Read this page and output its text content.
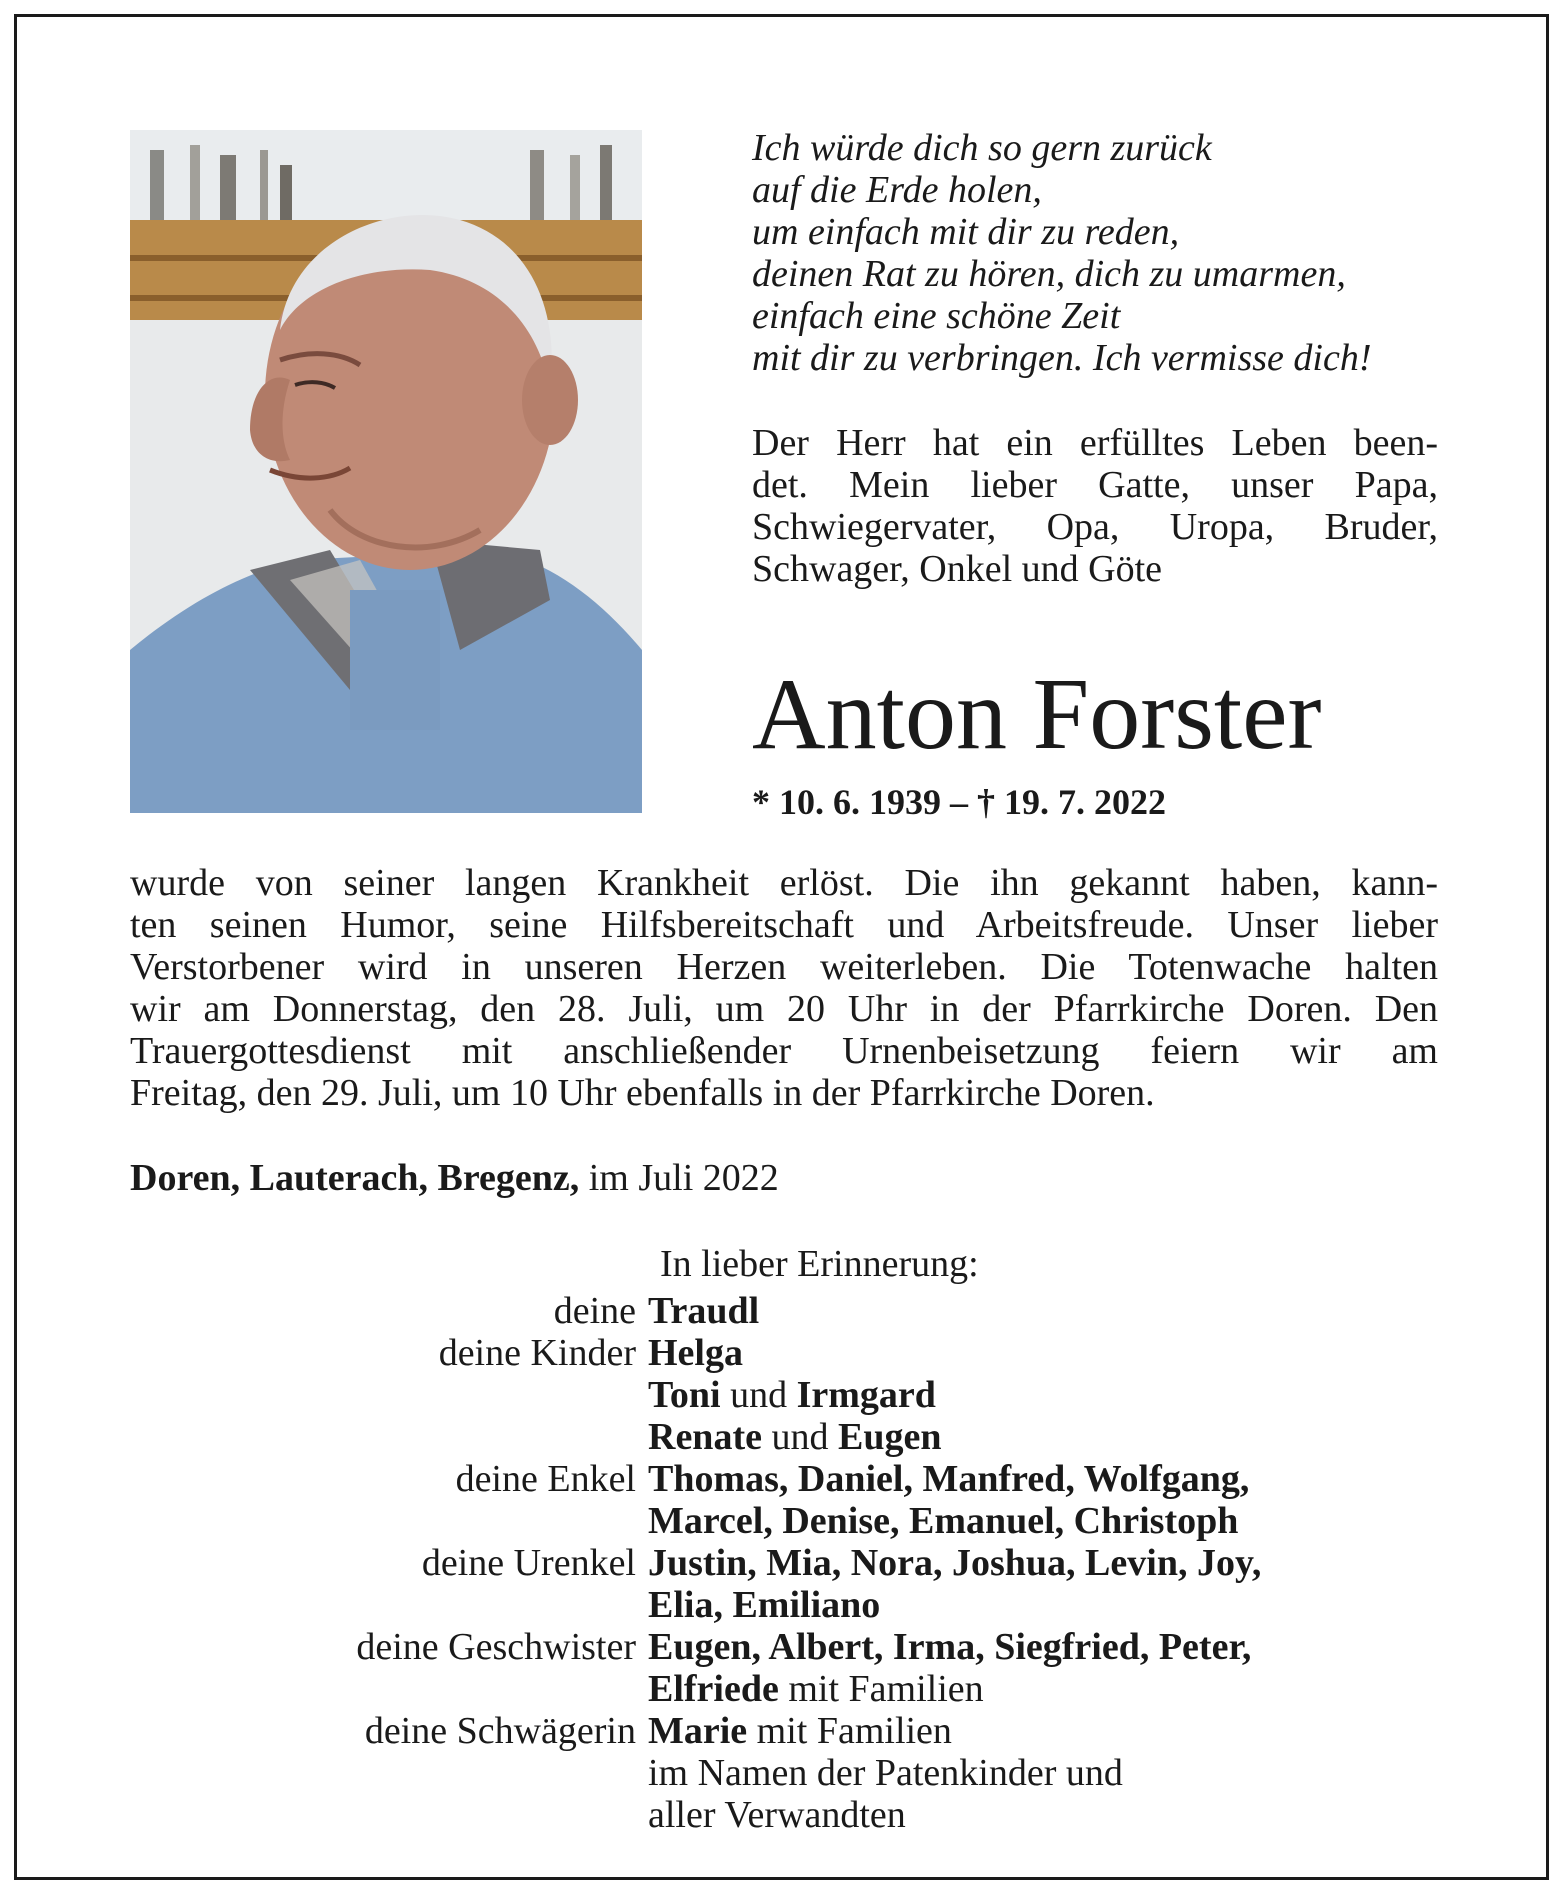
Ich würde dich so gern zurück
auf die Erde holen,
um einfach mit dir zu reden,
deinen Rat zu hören, dich zu umarmen,
einfach eine schöne Zeit
mit dir zu verbringen. Ich vermisse dich!
Der Herr hat ein erfülltes Leben been-
det. Mein lieber Gatte, unser Papa,
Schwiegervater, Opa, Uropa, Bruder,
Schwager, Onkel und Göte
Anton Forster
* 10. 6. 1939 – † 19. 7. 2022
wurde von seiner langen Krankheit erlöst. Die ihn gekannt haben, kann-
ten seinen Humor, seine Hilfsbereitschaft und Arbeitsfreude. Unser lieber
Verstorbener wird in unseren Herzen weiterleben. Die Totenwache halten
wir am Donnerstag, den 28. Juli, um 20 Uhr in der Pfarrkirche Doren. Den
Trauergottesdienst mit anschließender Urnenbeisetzung feiern wir am
Freitag, den 29. Juli, um 10 Uhr ebenfalls in der Pfarrkirche Doren.
Doren, Lauterach, Bregenz, im Juli 2022
In lieber Erinnerung:
deine Traudl
deine Kinder Helga
Toni und Irmgard
Renate und Eugen
deine Enkel Thomas, Daniel, Manfred, Wolfgang,
Marcel, Denise, Emanuel, Christoph
deine Urenkel Justin, Mia, Nora, Joshua, Levin, Joy,
Elia, Emiliano
deine Geschwister Eugen, Albert, Irma, Siegfried, Peter,
Elfriede mit Familien
deine Schwägerin Marie mit Familien
im Namen der Patenkinder und
aller Verwandten
